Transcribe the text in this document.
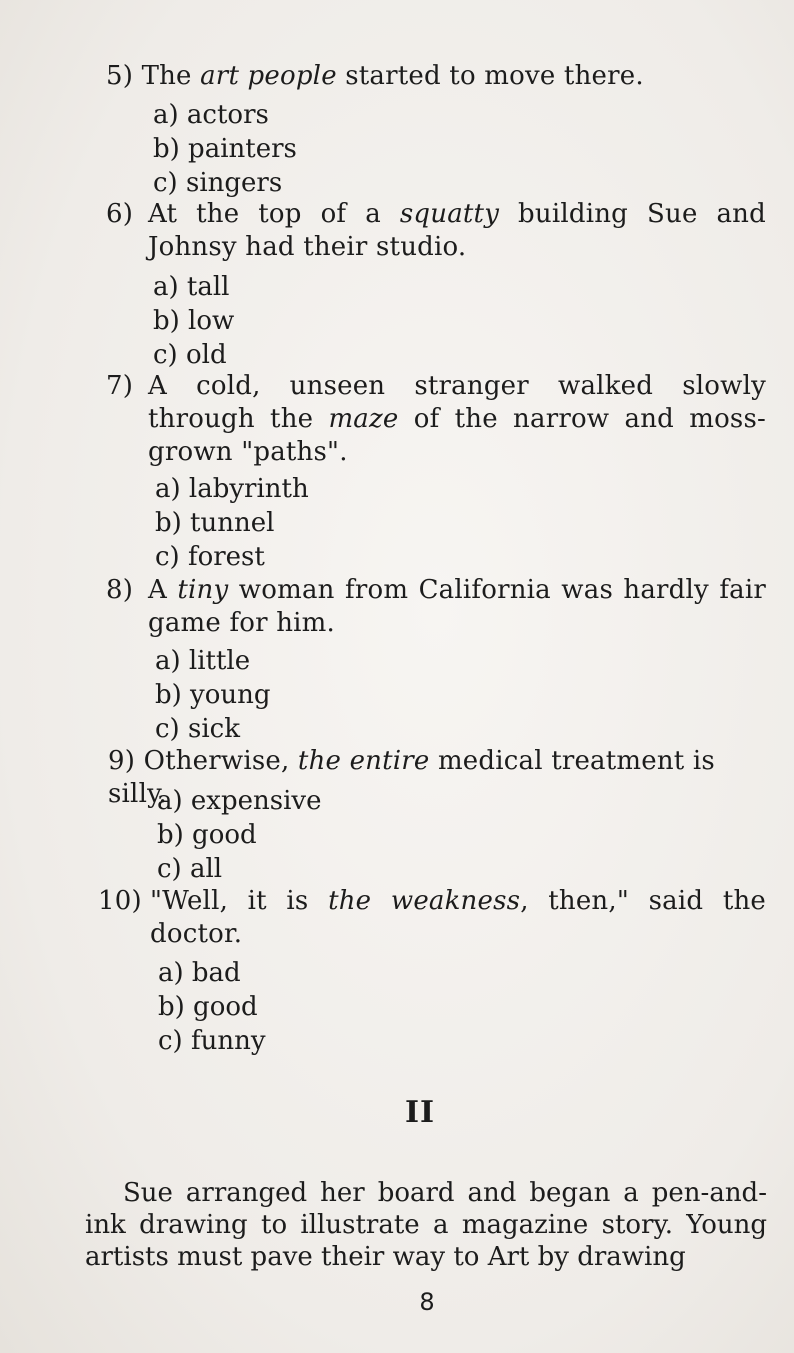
5) The art people started to move there.
a) actors
b) painters
c) singers
6) At the top of a squatty building Sue and Johnsy had their studio.
a) tall
b) low
c) old
7) A cold, unseen stranger walked slowly through the maze of the narrow and moss-grown "paths".
a) labyrinth
b) tunnel
c) forest
8) A tiny woman from California was hardly fair game for him.
a) little
b) young
c) sick
9) Otherwise, the entire medical treatment is silly.
a) expensive
b) good
c) all
10) "Well, it is the weakness, then," said the doctor.
a) bad
b) good
c) funny
II
Sue arranged her board and began a pen-and-ink drawing to illustrate a magazine story. Young artists must pave their way to Art by drawing
8
